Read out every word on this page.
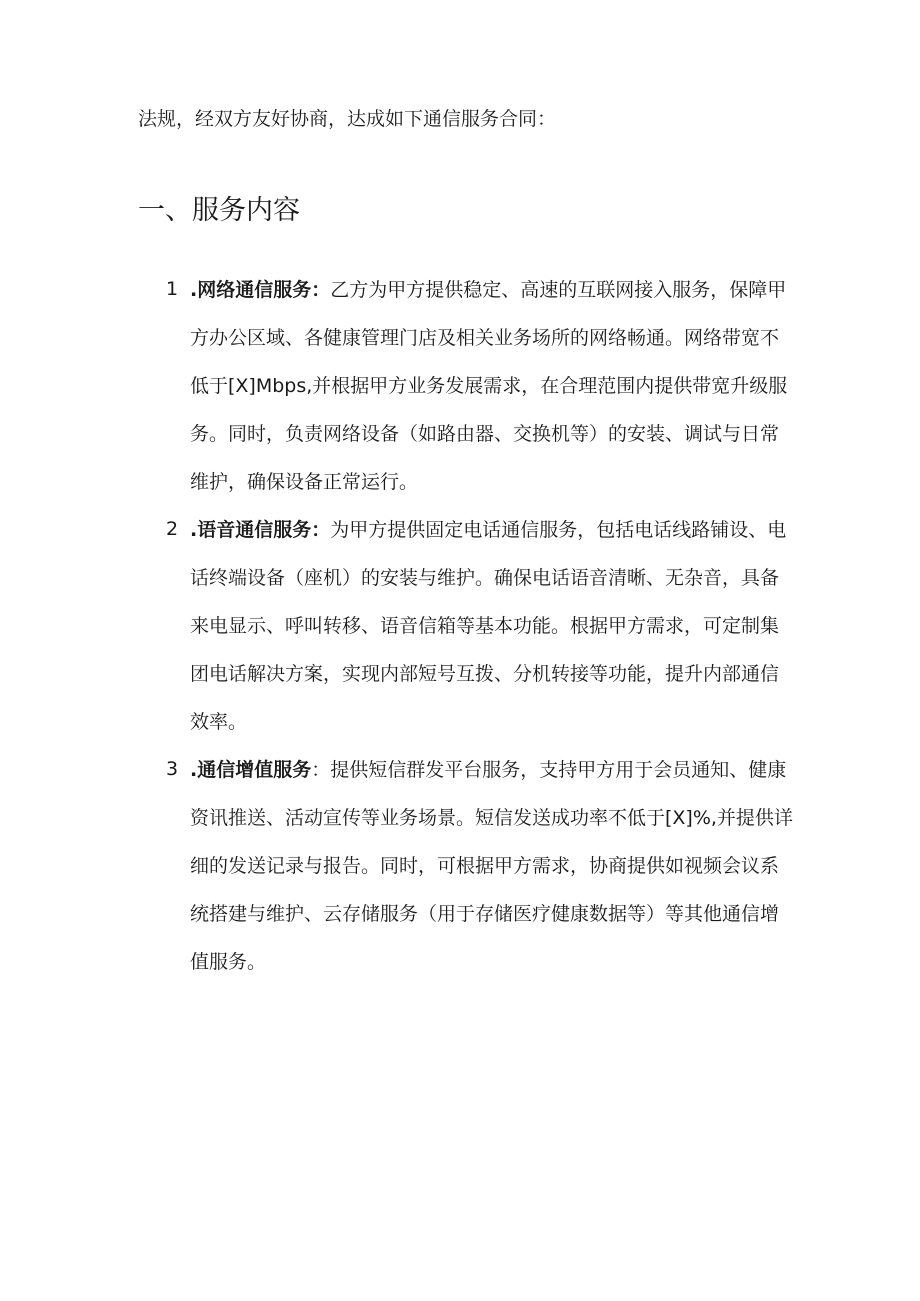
法规，经双方友好协商，达成如下通信服务合同：
一、服务内容
1 .网络通信服务：乙方为甲方提供稳定、高速的互联网接入服务，保障甲
方办公区域、各健康管理门店及相关业务场所的网络畅通。网络带宽不
低于[X]Mbps,并根据甲方业务发展需求，在合理范围内提供带宽升级服
务。同时，负责网络设备（如路由器、交换机等）的安装、调试与日常
维护，确保设备正常运行。
2 .语音通信服务：为甲方提供固定电话通信服务，包括电话线路铺设、电
话终端设备（座机）的安装与维护。确保电话语音清晰、无杂音，具备
来电显示、呼叫转移、语音信箱等基本功能。根据甲方需求，可定制集
团电话解决方案，实现内部短号互拨、分机转接等功能，提升内部通信
效率。
3 .通信增值服务：提供短信群发平台服务，支持甲方用于会员通知、健康
资讯推送、活动宣传等业务场景。短信发送成功率不低于[X]%,并提供详
细的发送记录与报告。同时，可根据甲方需求，协商提供如视频会议系
统搭建与维护、云存储服务（用于存储医疗健康数据等）等其他通信增
值服务。
